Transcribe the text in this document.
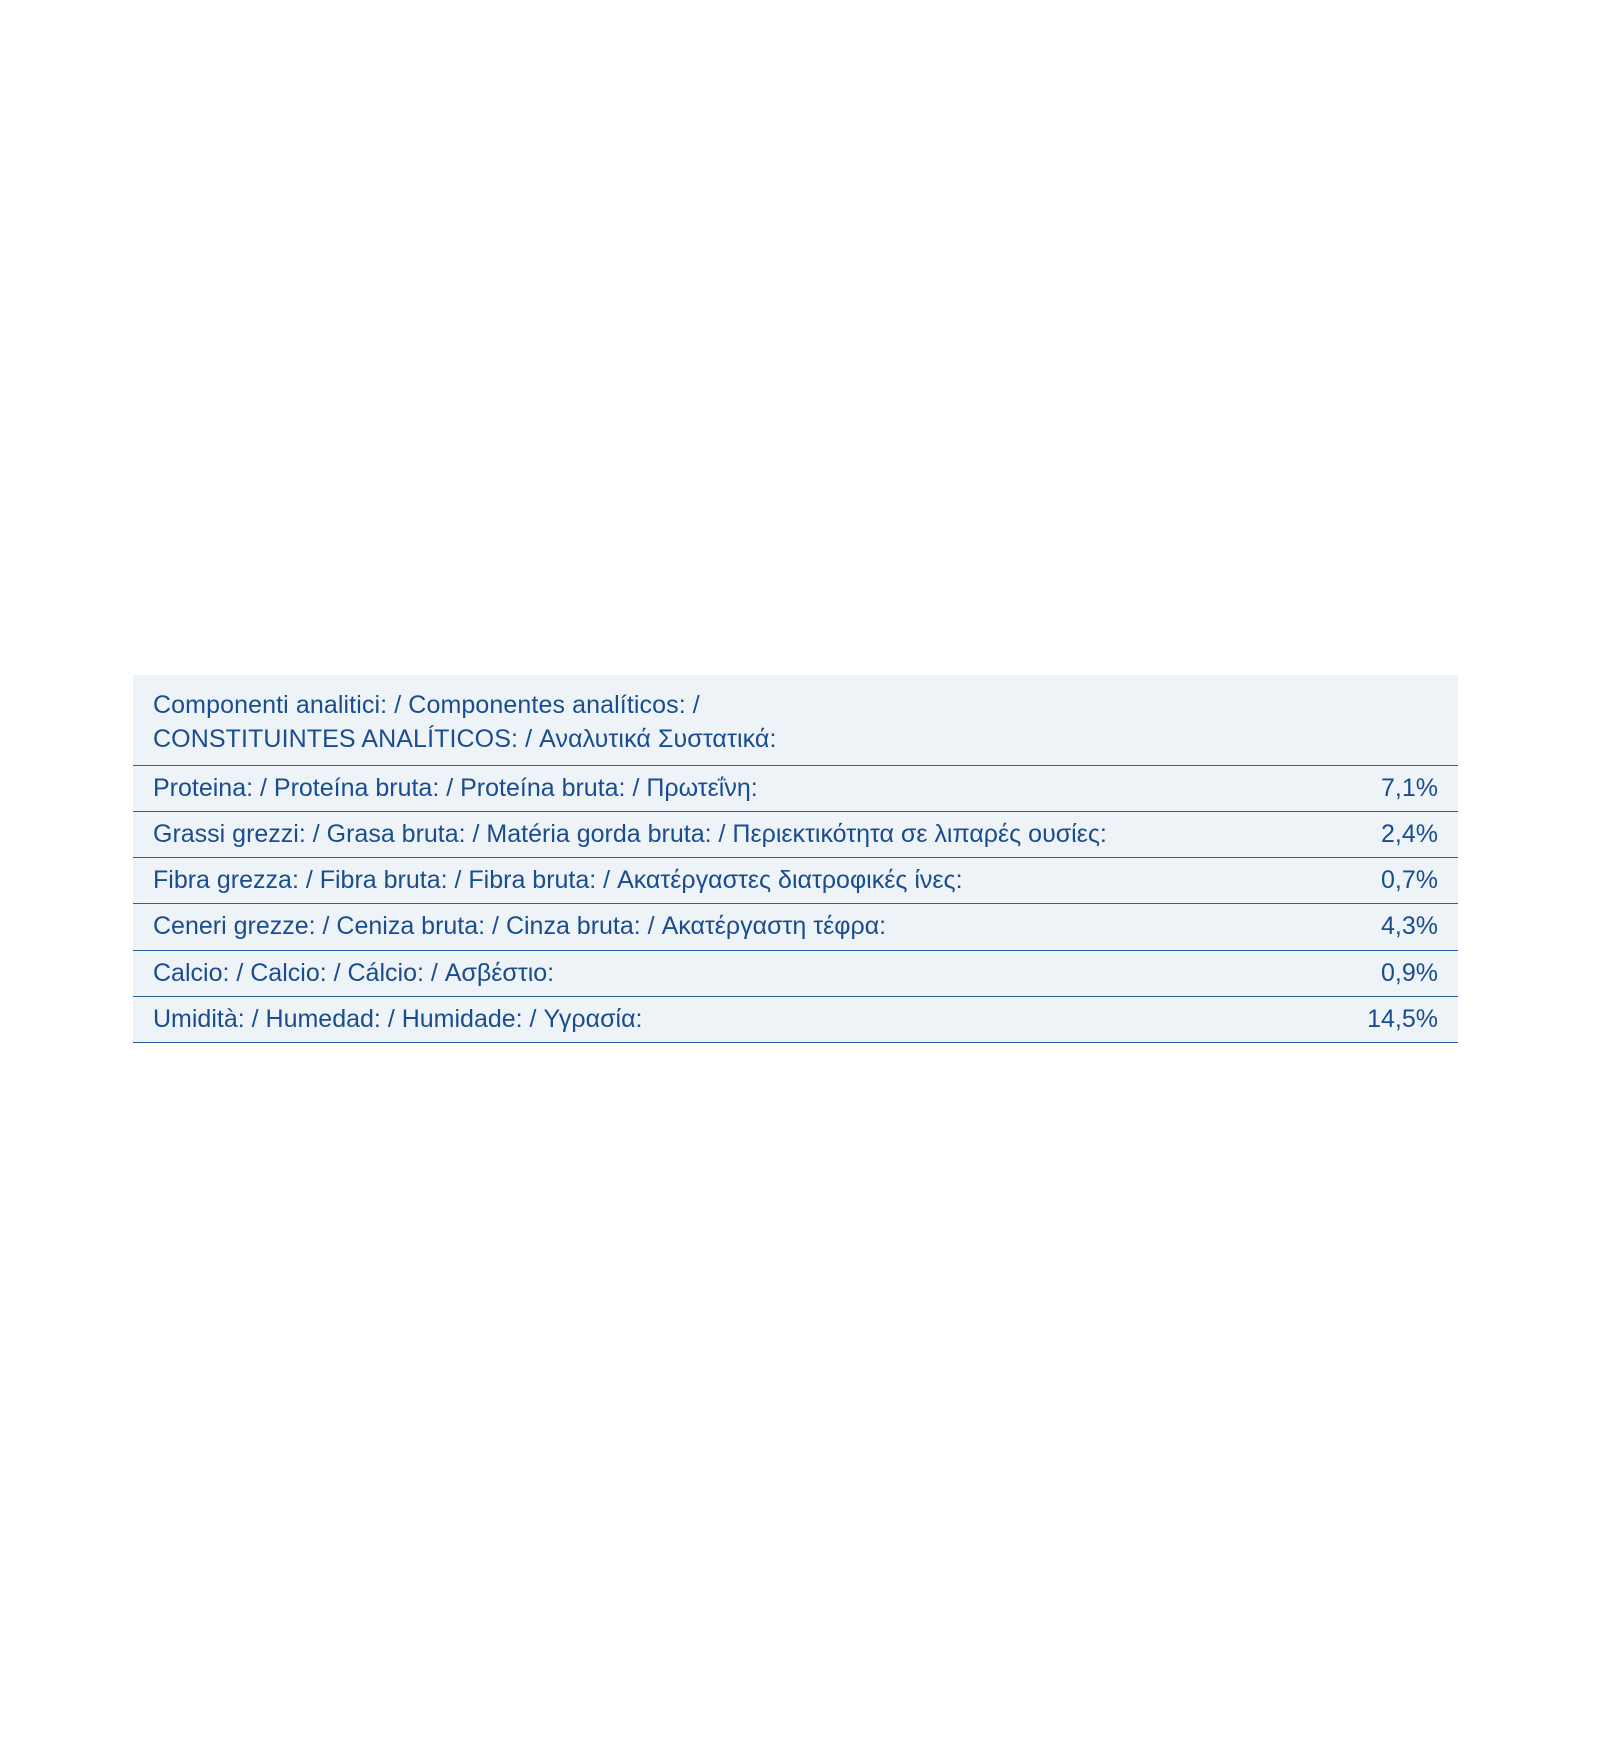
Componenti analitici: / Componentes analíticos: /
CONSTITUINTES ANALÍTICOS: / Αναλυτικά Συστατικά:
Proteina: / Proteína bruta: / Proteína bruta: / Πρωτεΐνη:	7,1%
Grassi grezzi: / Grasa bruta: / Matéria gorda bruta: / Περιεκτικότητα σε λιπαρές ουσίες:	2,4%
Fibra grezza: / Fibra bruta: / Fibra bruta: / Ακατέργαστες διατροφικές ίνες:	0,7%
Ceneri grezze: / Ceniza bruta: / Cinza bruta: / Ακατέργαστη τέφρα:	4,3%
Calcio: / Calcio: / Cálcio: / Ασβέστιο:	0,9%
Umidità: / Humedad: / Humidade: / Υγρασία:	14,5%
